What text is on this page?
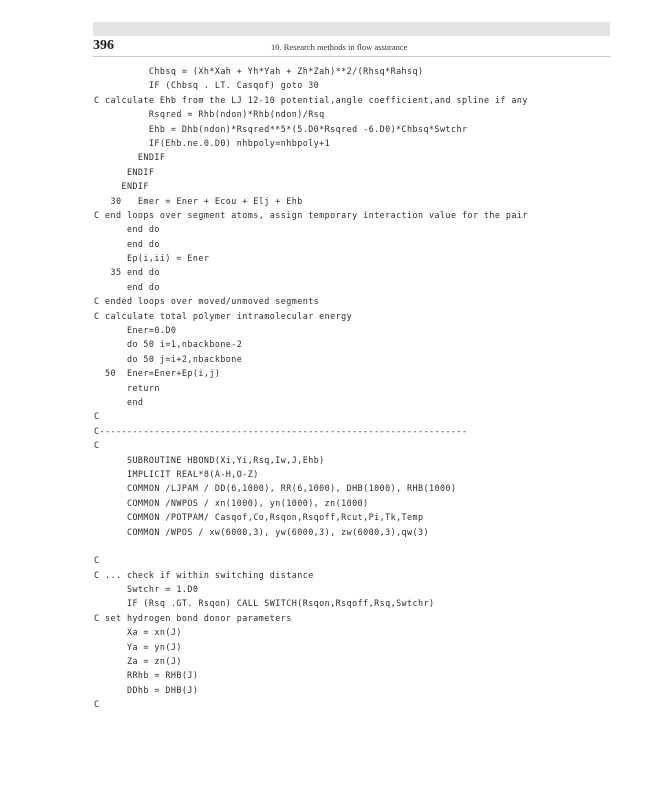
396	10. Research methods in flow assurance
Chbsq = (Xh*Xah + Yh*Yah + Zh*Zah)**2/(Rhsq*Rahsq)
IF (Chbsq . LT. Casqof) goto 30
C calculate Ehb from the LJ 12-10 potential,angle coefficient,and spline if any
Rsqred = Rhb(ndon)*Rhb(ndon)/Rsq
Ehb = Dhb(ndon)*Rsqred**5*(5.D0*Rsqred -6.D0)*Chbsq*Swtchr
IF(Ehb.ne.0.D0) nhbpoly=nhbpoly+1
ENDIF
ENDIF
ENDIF
30   Emer = Ener + Ecou + Elj + Ehb
C end loops over segment atoms, assign temporary interaction value for the pair
end do
end do
Ep(i,ii) = Ener
35 end do
end do
C ended loops over moved/unmoved segments
C calculate total polymer intramolecular energy
Ener=0.D0
do 50 i=1,nbackbone-2
do 50 j=i+2,nbackbone
50  Ener=Ener+Ep(i,j)
return
end
C
C-------------------------------------------------------------------
C
SUBROUTINE HBOND(Xi,Yi,Rsq,Iw,J,Ehb)
IMPLICIT REAL*8(A-H,O-Z)
COMMON /LJPAM / DD(6,1000), RR(6,1000), DHB(1000), RHB(1000)
COMMON /NWPOS / xn(1000), yn(1000), zn(1000)
COMMON /POTPAM/ Casqof,Co,Rsqon,Rsqoff,Rcut,Pi,Tk,Temp
COMMON /WPOS / xw(6000,3), yw(6000,3), zw(6000,3),qw(3)
C
C ... check if within switching distance
Swtchr = 1.D0
IF (Rsq .GT. Rsqon) CALL SWITCH(Rsqon,Rsqoff,Rsq,Swtchr)
C set hydrogen bond donor parameters
Xa = xn(J)
Ya = yn(J)
Za = zn(J)
RRhb = RHB(J)
DDhb = DHB(J)
C
